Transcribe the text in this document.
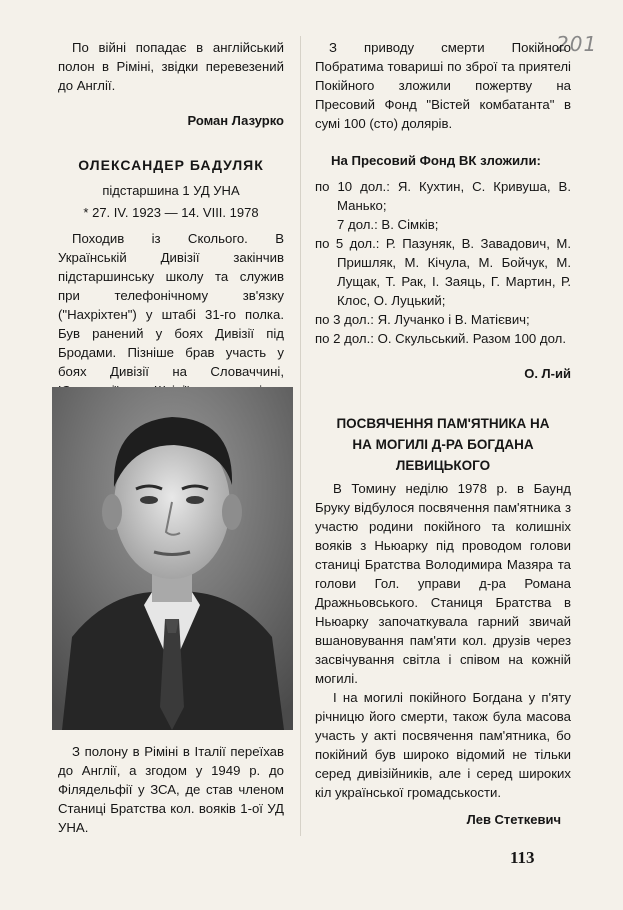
201

По війні попадає в англійський полон в Ріміні, звідки перевезений до Англії.

Роман Лазурко

ОЛЕКСАНДЕР БАДУЛЯК

підстаршина 1 УД УНА

* 27. IV. 1923 — 14. VIII. 1978

Походив із Сколього. В Українській Дивізії закінчив підстаршинську школу та служив при телефонічному зв'язку ("Нахріхтен") у штабі 31-го полка. Був ранений у боях Дивізії під Бродами. Пізніше брав участь у боях Дивізії на Словаччині,

З полону в Ріміні в Італії переїхав до Англії, а згодом у 1949 р. до Філядельфії у ЗСА, де став членом Станиці Братства кол. вояків 1-ої УД УНА.

З приводу смерти Покійного Побратима товариші по зброї та приятелі Покійного зложили пожертву на Пресовий Фонд "Вістей комбатанта" в сумі 100 (сто) долярів.

На Пресовий Фонд ВК зложили:

по 10 дол.: Я. Кухтин, С. Кривуша, В. Манько;

7 дол.: В. Сімків;

по 5 дол.: Р. Пазуняк, В. Завадович, М. Пришляк, М. Кічула, М. Бойчук, М. Лущак, Т. Рак, І. Заяць, Г. Мартин, Р. Клос, О. Луцький;

по 3 дол.: Я. Лучанко і В. Матієвич;

по 2 дол.: О. Скульський. Разом 100 дол.

О. Л-ий

ПОСВЯЧЕННЯ ПАМ'ЯТНИКА НА НА МОГИЛІ Д-РА БОГДАНА ЛЕВИЦЬКОГО

В Томину неділю 1978 р. в Баунд Бруку відбулося посвячення пам'ятника з участю родини покійного та колишніх вояків з Ньюарку під проводом голови станиці Братства Володимира Мазяра та голови Гол. управи д-ра Романа Дражньовського. Станиця Братства в Ньюарку започаткувала гарний звичай вшановування пам'яти кол. друзів через засвічування світла і співом на кожній могилі.

І на могилі покійного Богдана у п'яту річницю його смерти, також була масова участь у акті посвячення пам'ятника, бо покійний був широко відомий не тільки серед дивізійників, але і серед широких кіл української громадськости.

Лев Стеткевич

113
